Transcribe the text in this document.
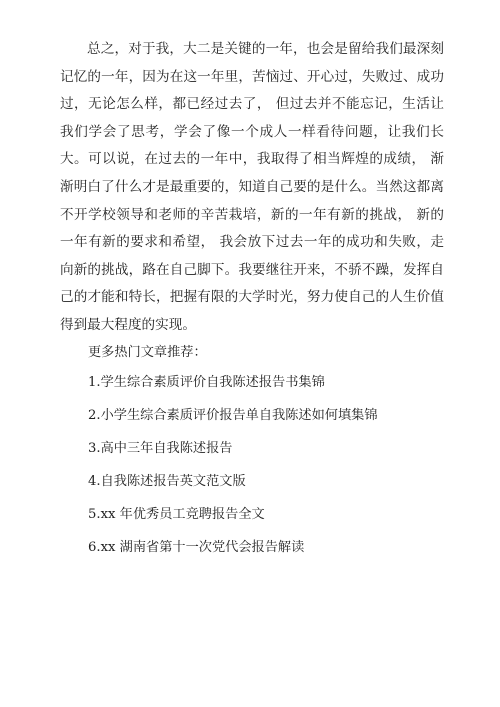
总之，对于我，大二是关键的一年，也会是留给我们最深刻记忆的一年，因为在这一年里，苦恼过、开心过，失败过、成功过，无论怎么样，都已经过去了， 但过去并不能忘记，生活让我们学会了思考，学会了像一个成人一样看待问题，让我们长大。可以说，在过去的一年中，我取得了相当辉煌的成绩， 渐渐明白了什么才是最重要的，知道自己要的是什么。当然这都离不开学校领导和老师的辛苦栽培，新的一年有新的挑战， 新的一年有新的要求和希望， 我会放下过去一年的成功和失败，走向新的挑战，路在自己脚下。我要继往开来，不骄不躁，发挥自己的才能和特长，把握有限的大学时光，努力使自己的人生价值得到最大程度的实现。

更多热门文章推荐：

1.学生综合素质评价自我陈述报告书集锦
2.小学生综合素质评价报告单自我陈述如何填集锦
3.高中三年自我陈述报告
4.自我陈述报告英文范文版
5.xx 年优秀员工竞聘报告全文
6.xx 湖南省第十一次党代会报告解读
